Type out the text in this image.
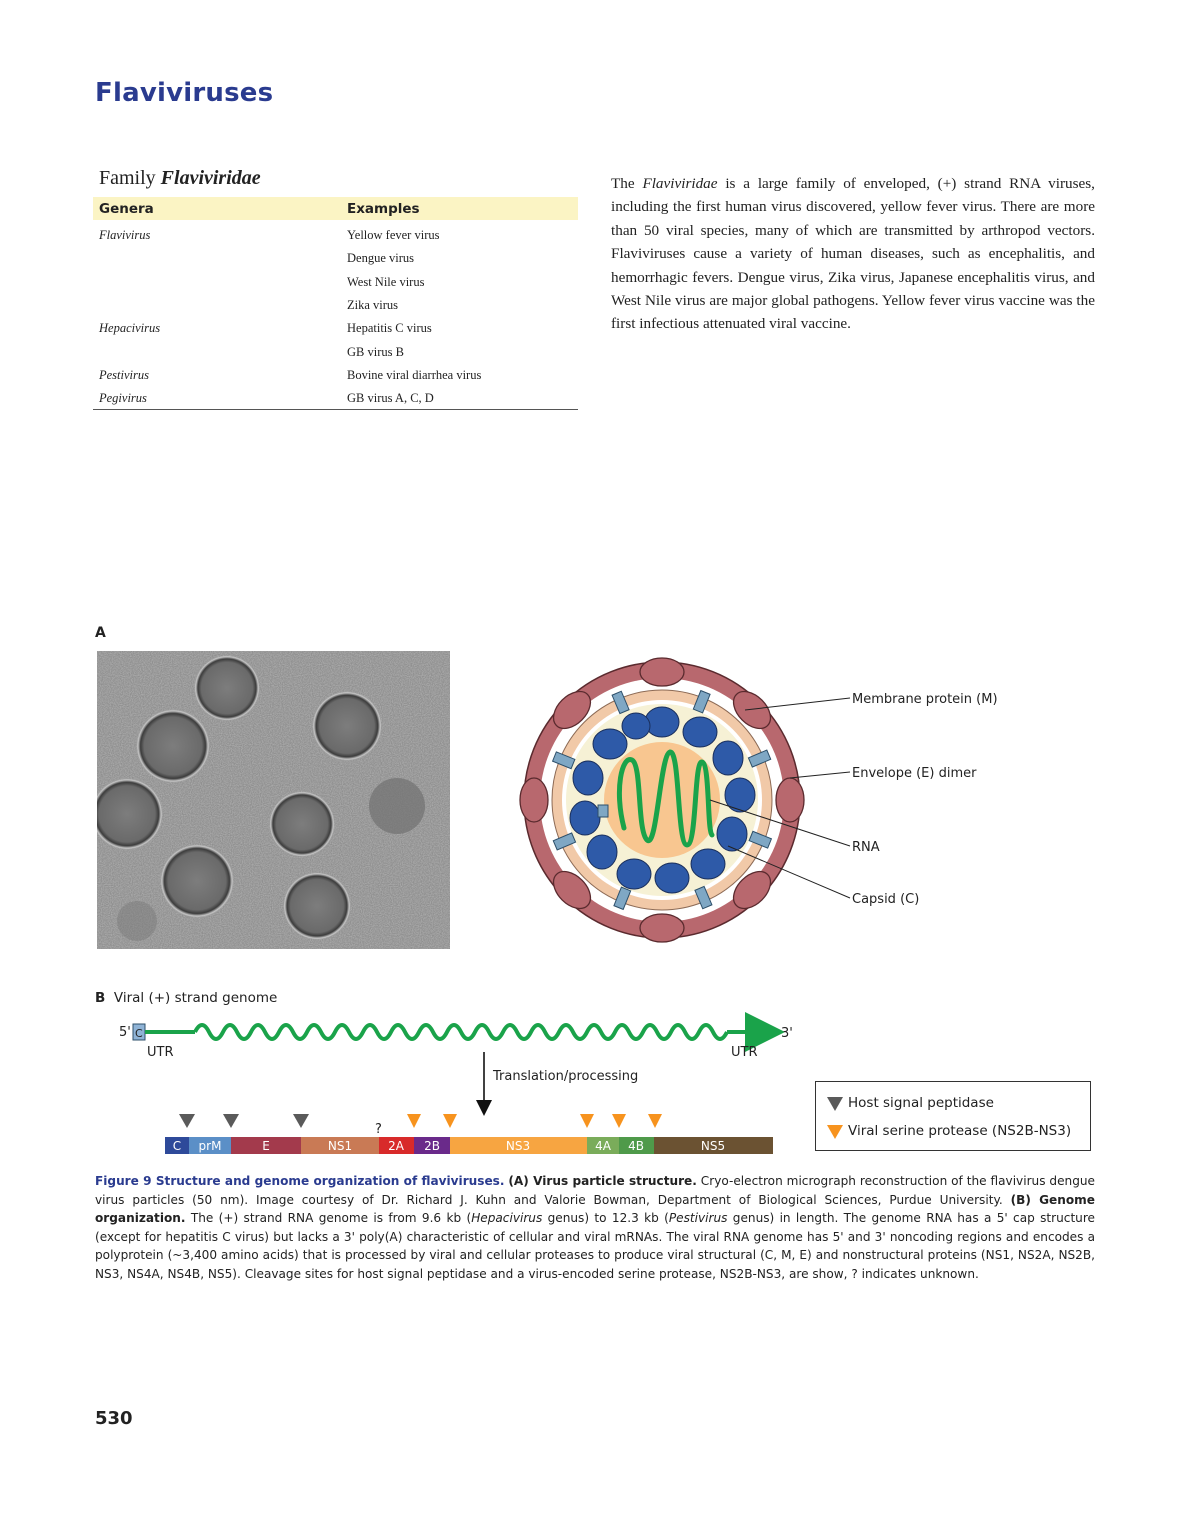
Flaviviruses
Family Flaviviridae
Genera	Examples
Flavivirus	Yellow fever virus
Dengue virus
West Nile virus
Zika virus
Hepacivirus	Hepatitis C virus
GB virus B
Pestivirus	Bovine viral diarrhea virus
Pegivirus	GB virus A, C, D
The Flaviviridae is a large family of enveloped, (+) strand RNA viruses, including the first human virus discovered, yellow fever virus. There are more than 50 viral species, many of which are transmitted by arthropod vectors. Flaviviruses cause a variety of human diseases, such as encephalitis, and hemorrhagic fevers. Dengue virus, Zika virus, Japanese encephalitis virus, and West Nile virus are major global pathogens. Yellow fever virus vaccine was the first infectious attenuated viral vaccine.
A
Membrane protein (M)
Envelope (E) dimer
RNA
Capsid (C)
B Viral (+) strand genome
5' C	3'
UTR	UTR
Translation/processing
?
C prM	E	NS1	2A 2B	NS3	4A 4B	NS5
Host signal peptidase
Viral serine protease (NS2B-NS3)
Figure 9 Structure and genome organization of flaviviruses. (A) Virus particle structure. Cryo-electron micrograph reconstruction of the flavivirus dengue virus particles (50 nm). Image courtesy of Dr. Richard J. Kuhn and Valorie Bowman, Department of Biological Sciences, Purdue University. (B) Genome organization. The (+) strand RNA genome is from 9.6 kb (Hepacivirus genus) to 12.3 kb (Pestivirus genus) in length. The genome RNA has a 5' cap structure (except for hepatitis C virus) but lacks a 3' poly(A) characteristic of cellular and viral mRNAs. The viral RNA genome has 5' and 3' noncoding regions and encodes a polyprotein (~3,400 amino acids) that is processed by viral and cellular proteases to produce viral structural (C, M, E) and nonstructural proteins (NS1, NS2A, NS2B, NS3, NS4A, NS4B, NS5). Cleavage sites for host signal peptidase and a virus-encoded serine protease, NS2B-NS3, are show, ? indicates unknown.
530
